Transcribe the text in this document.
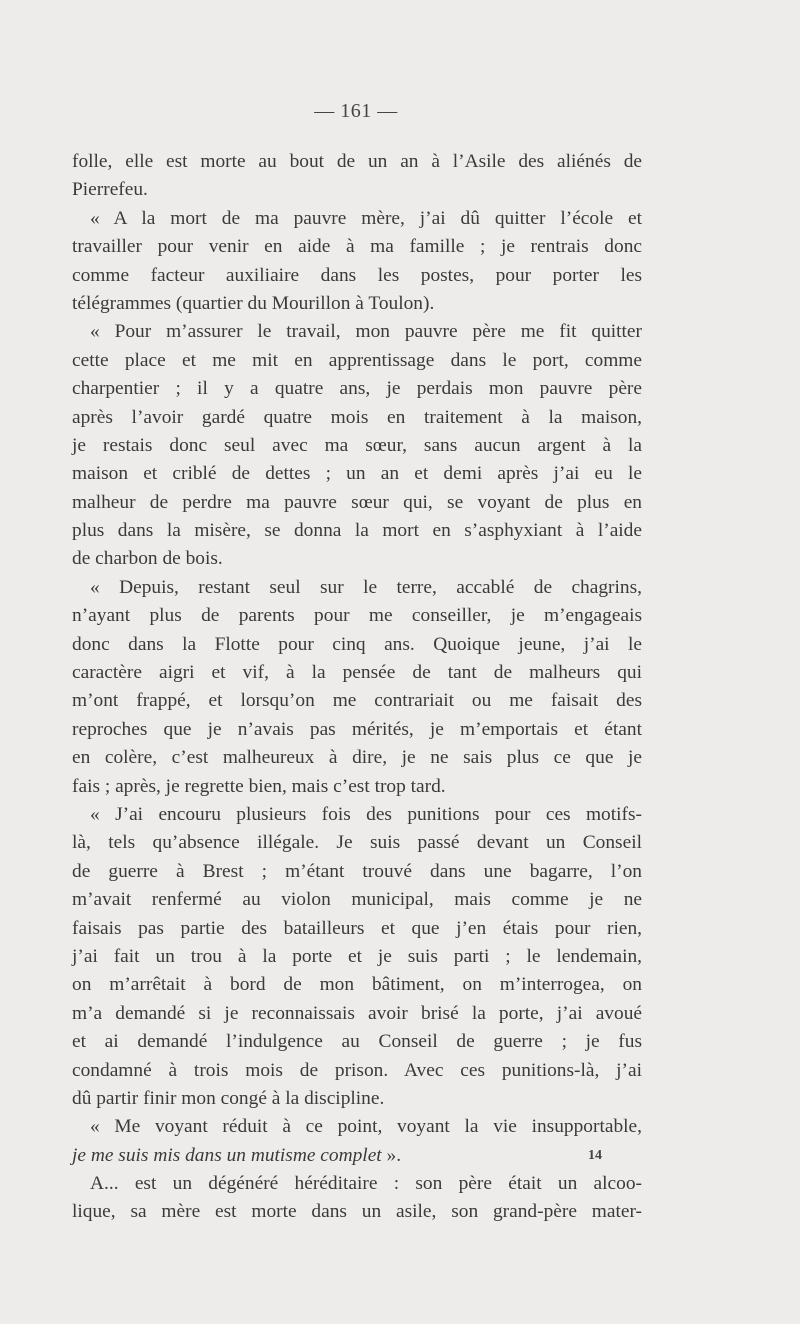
— 161 —
folle, elle est morte au bout de un an à l’Asile des aliénés de
Pierrefeu.
« A la mort de ma pauvre mère, j’ai dû quitter l’école et
travailler pour venir en aide à ma famille ; je rentrais donc
comme facteur auxiliaire dans les postes, pour porter les
télégrammes (quartier du Mourillon à Toulon).
« Pour m’assurer le travail, mon pauvre père me fit quitter
cette place et me mit en apprentissage dans le port, comme
charpentier ; il y a quatre ans, je perdais mon pauvre père
après l’avoir gardé quatre mois en traitement à la maison,
je restais donc seul avec ma sœur, sans aucun argent à la
maison et criblé de dettes ; un an et demi après j’ai eu le
malheur de perdre ma pauvre sœur qui, se voyant de plus en
plus dans la misère, se donna la mort en s’asphyxiant à l’aide
de charbon de bois.
« Depuis, restant seul sur le terre, accablé de chagrins,
n’ayant plus de parents pour me conseiller, je m’engageais
donc dans la Flotte pour cinq ans. Quoique jeune, j’ai le
caractère aigri et vif, à la pensée de tant de malheurs qui
m’ont frappé, et lorsqu’on me contrariait ou me faisait des
reproches que je n’avais pas mérités, je m’emportais et étant
en colère, c’est malheureux à dire, je ne sais plus ce que je
fais ; après, je regrette bien, mais c’est trop tard.
« J’ai encouru plusieurs fois des punitions pour ces motifs-
là, tels qu’absence illégale. Je suis passé devant un Conseil
de guerre à Brest ; m’étant trouvé dans une bagarre, l’on
m’avait renfermé au violon municipal, mais comme je ne
faisais pas partie des batailleurs et que j’en étais pour rien,
j’ai fait un trou à la porte et je suis parti ; le lendemain,
on m’arrêtait à bord de mon bâtiment, on m’interrogea, on
m’a demandé si je reconnaissais avoir brisé la porte, j’ai avoué
et ai demandé l’indulgence au Conseil de guerre ; je fus
condamné à trois mois de prison. Avec ces punitions-là, j’ai
dû partir finir mon congé à la discipline.
« Me voyant réduit à ce point, voyant la vie insupportable,
je me suis mis dans un mutisme complet ».
A... est un dégénéré héréditaire : son père était un alcoo-
lique, sa mère est morte dans un asile, son grand-père mater-
14
